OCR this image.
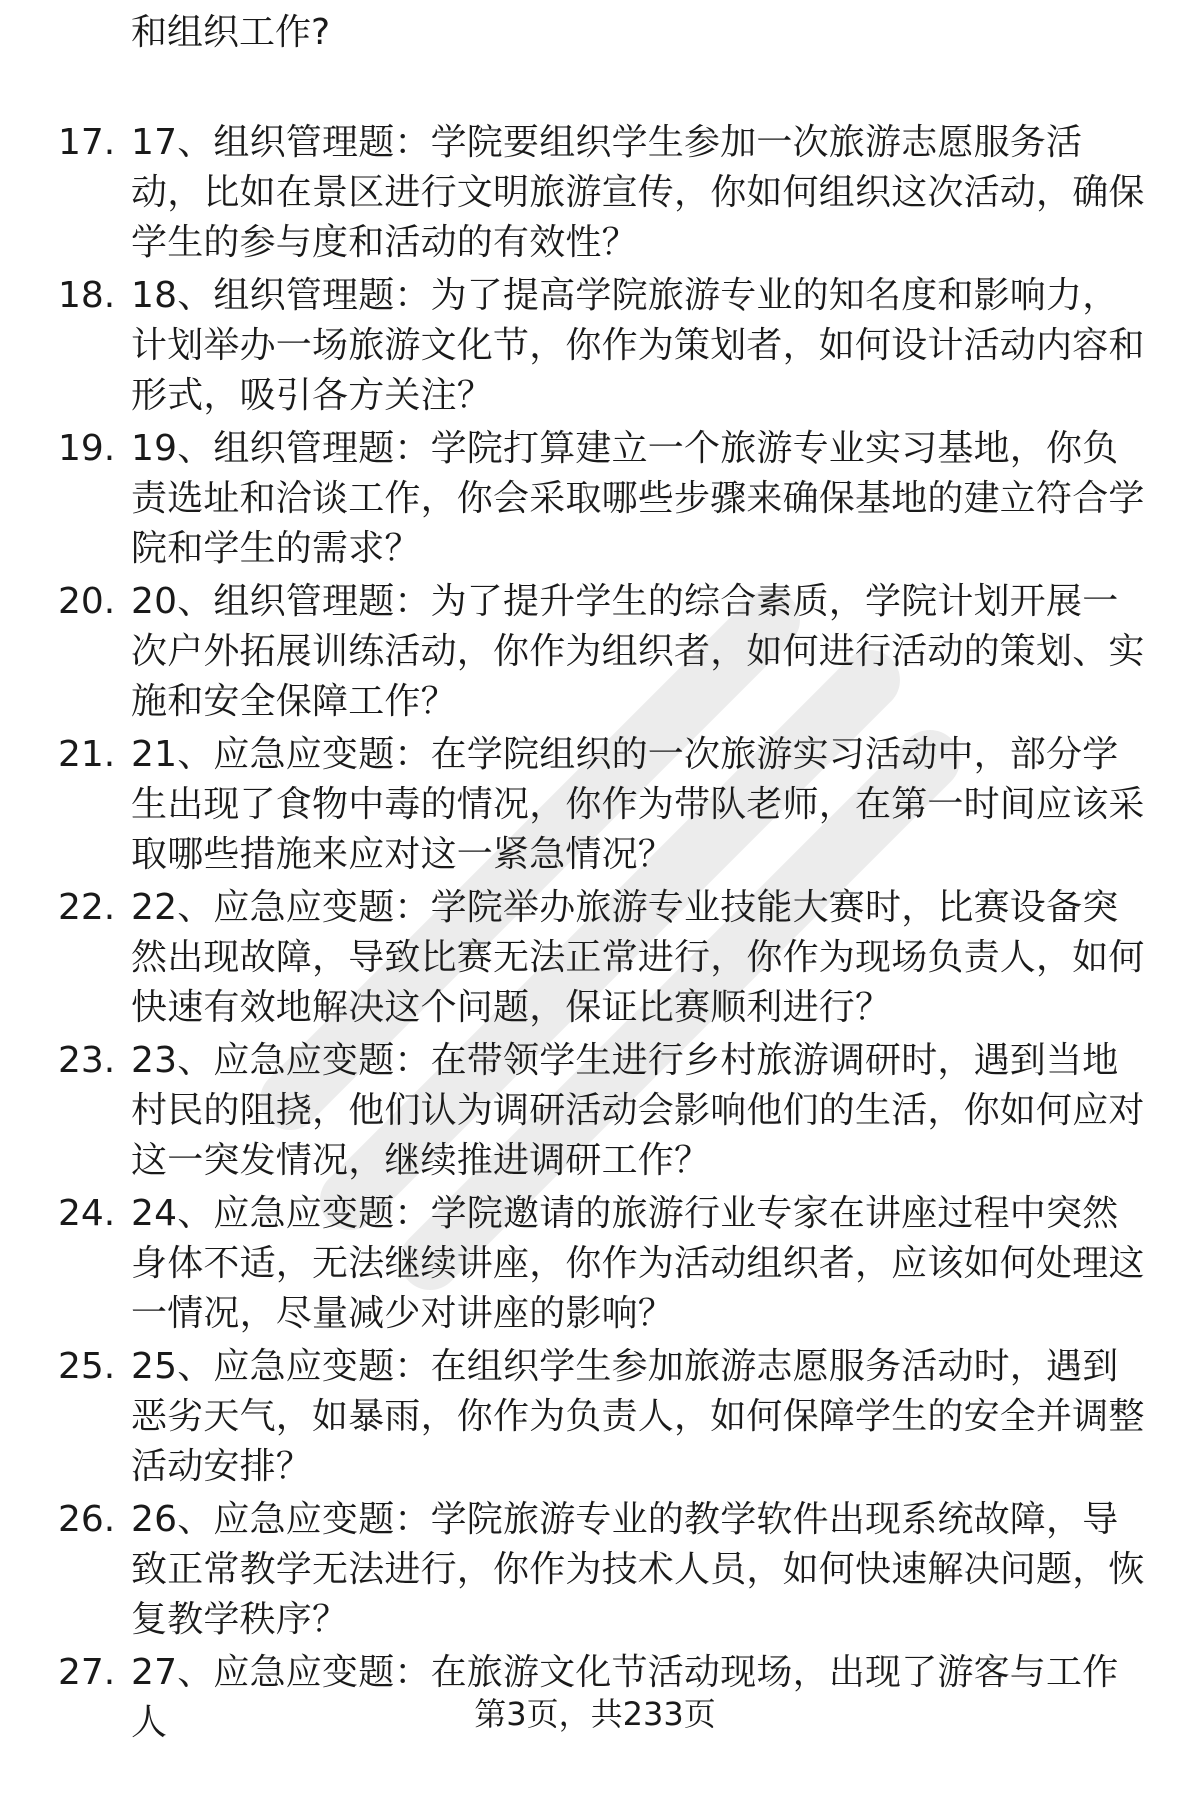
和组织工作?

17. 17、组织管理题：学院要组织学生参加一次旅游志愿服务活动，比如在景区进行文明旅游宣传，你如何组织这次活动，确保学生的参与度和活动的有效性？

18. 18、组织管理题：为了提高学院旅游专业的知名度和影响力，计划举办一场旅游文化节，你作为策划者，如何设计活动内容和形式，吸引各方关注？

19. 19、组织管理题：学院打算建立一个旅游专业实习基地，你负责选址和洽谈工作，你会采取哪些步骤来确保基地的建立符合学院和学生的需求？

20. 20、组织管理题：为了提升学生的综合素质，学院计划开展一次户外拓展训练活动，你作为组织者，如何进行活动的策划、实施和安全保障工作？

21. 21、应急应变题：在学院组织的一次旅游实习活动中，部分学生出现了食物中毒的情况，你作为带队老师，在第一时间应该采取哪些措施来应对这一紧急情况？

22. 22、应急应变题：学院举办旅游专业技能大赛时，比赛设备突然出现故障，导致比赛无法正常进行，你作为现场负责人，如何快速有效地解决这个问题，保证比赛顺利进行？

23. 23、应急应变题：在带领学生进行乡村旅游调研时，遇到当地村民的阻挠，他们认为调研活动会影响他们的生活，你如何应对这一突发情况，继续推进调研工作？

24. 24、应急应变题：学院邀请的旅游行业专家在讲座过程中突然身体不适，无法继续讲座，你作为活动组织者，应该如何处理这一情况，尽量减少对讲座的影响？

25. 25、应急应变题：在组织学生参加旅游志愿服务活动时，遇到恶劣天气，如暴雨，你作为负责人，如何保障学生的安全并调整活动安排？

26. 26、应急应变题：学院旅游专业的教学软件出现系统故障，导致正常教学无法进行，你作为技术人员，如何快速解决问题，恢复教学秩序？

27. 27、应急应变题：在旅游文化节活动现场，出现了游客与工作人	第3页，共233页
